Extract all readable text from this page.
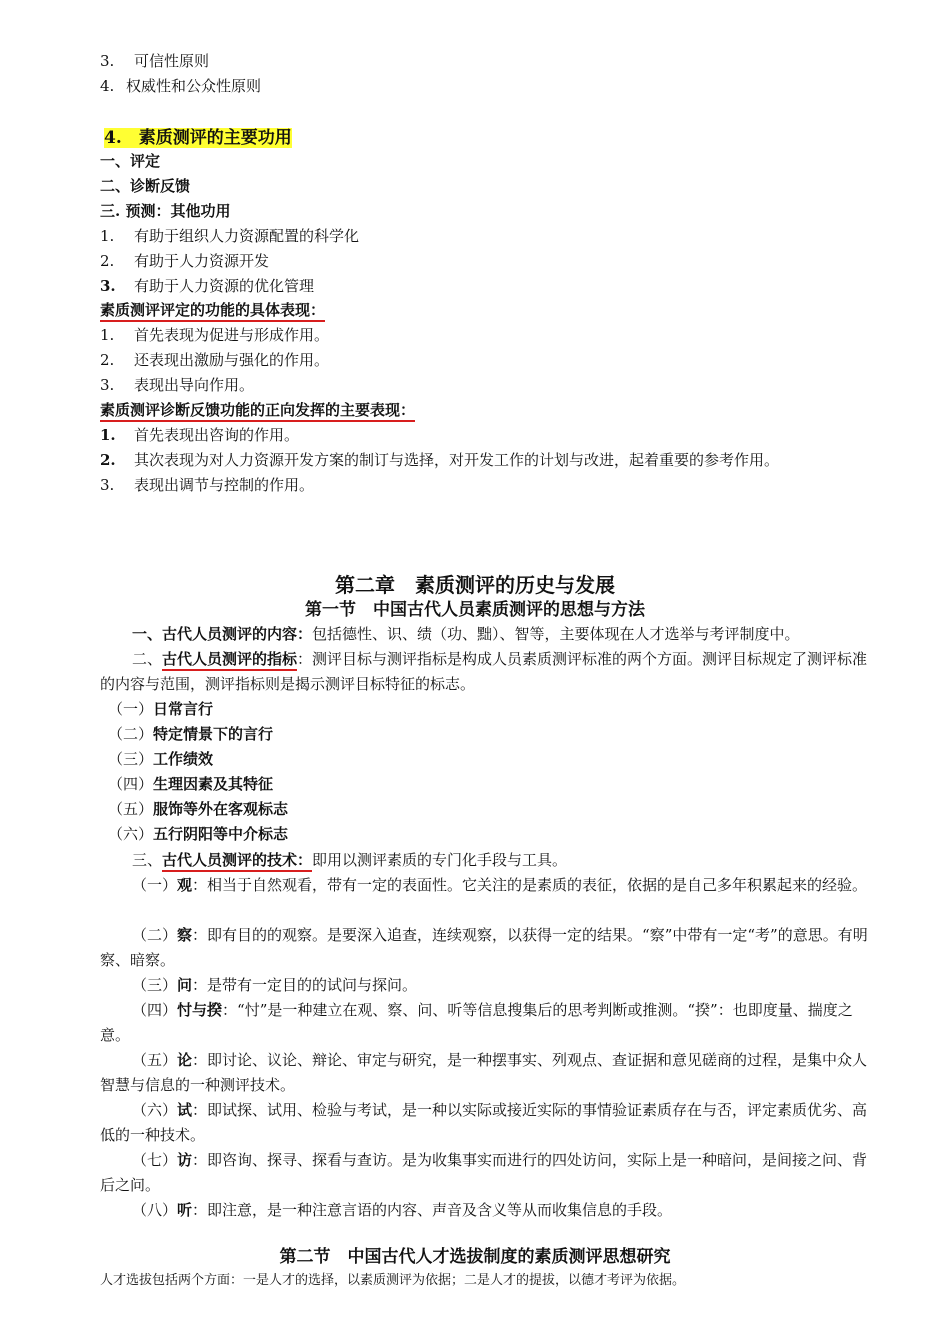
3. 可信性原则
4. 权威性和公众性原则
4.　素质测评的主要功用
一、评定
二、诊断反馈
三. 预测：其他功用
1. 有助于组织人力资源配置的科学化
2. 有助于人力资源开发
3. 有助于人力资源的优化管理
素质测评评定的功能的具体表现：
1. 首先表现为促进与形成作用。
2. 还表现出激励与强化的作用。
3. 表现出导向作用。
素质测评诊断反馈功能的正向发挥的主要表现：
1. 首先表现出咨询的作用。
2. 其次表现为对人力资源开发方案的制订与选择，对开发工作的计划与改进，起着重要的参考作用。
3. 表现出调节与控制的作用。
第二章　素质测评的历史与发展
第一节　中国古代人员素质测评的思想与方法
一、古代人员测评的内容：包括德性、识、绩（功、黜）、智等，主要体现在人才选举与考评制度中。
二、古代人员测评的指标：测评目标与测评指标是构成人员素质测评标准的两个方面。测评目标规定了测评标准的内容与范围，测评指标则是揭示测评目标特征的标志。
（一）日常言行
（二）特定情景下的言行
（三）工作绩效
（四）生理因素及其特征
（五）服饰等外在客观标志
（六）五行阴阳等中介标志
三、古代人员测评的技术：即用以测评素质的专门化手段与工具。
（一）观：相当于自然观看，带有一定的表面性。它关注的是素质的表征，依据的是自己多年积累起来的经验。
（二）察：即有目的的观察。是要深入追查，连续观察，以获得一定的结果。“察”中带有一定“考”的意思。有明察、暗察。
（三）问：是带有一定目的的试问与探问。
（四）忖与揆：“忖”是一种建立在观、察、问、听等信息搜集后的思考判断或推测。“揆”：也即度量、揣度之意。
（五）论：即讨论、议论、辩论、审定与研究，是一种摆事实、列观点、查证据和意见磋商的过程，是集中众人智慧与信息的一种测评技术。
（六）试：即试探、试用、检验与考试，是一种以实际或接近实际的事情验证素质存在与否，评定素质优劣、高低的一种技术。
（七）访：即咨询、探寻、探看与查访。是为收集事实而进行的四处访问，实际上是一种暗问，是间接之问、背后之问。
（八）听：即注意，是一种注意言语的内容、声音及含义等从而收集信息的手段。
第二节　中国古代人才选拔制度的素质测评思想研究
人才选拔包括两个方面：一是人才的选择，以素质测评为依据；二是人才的提拔，以德才考评为依据。
